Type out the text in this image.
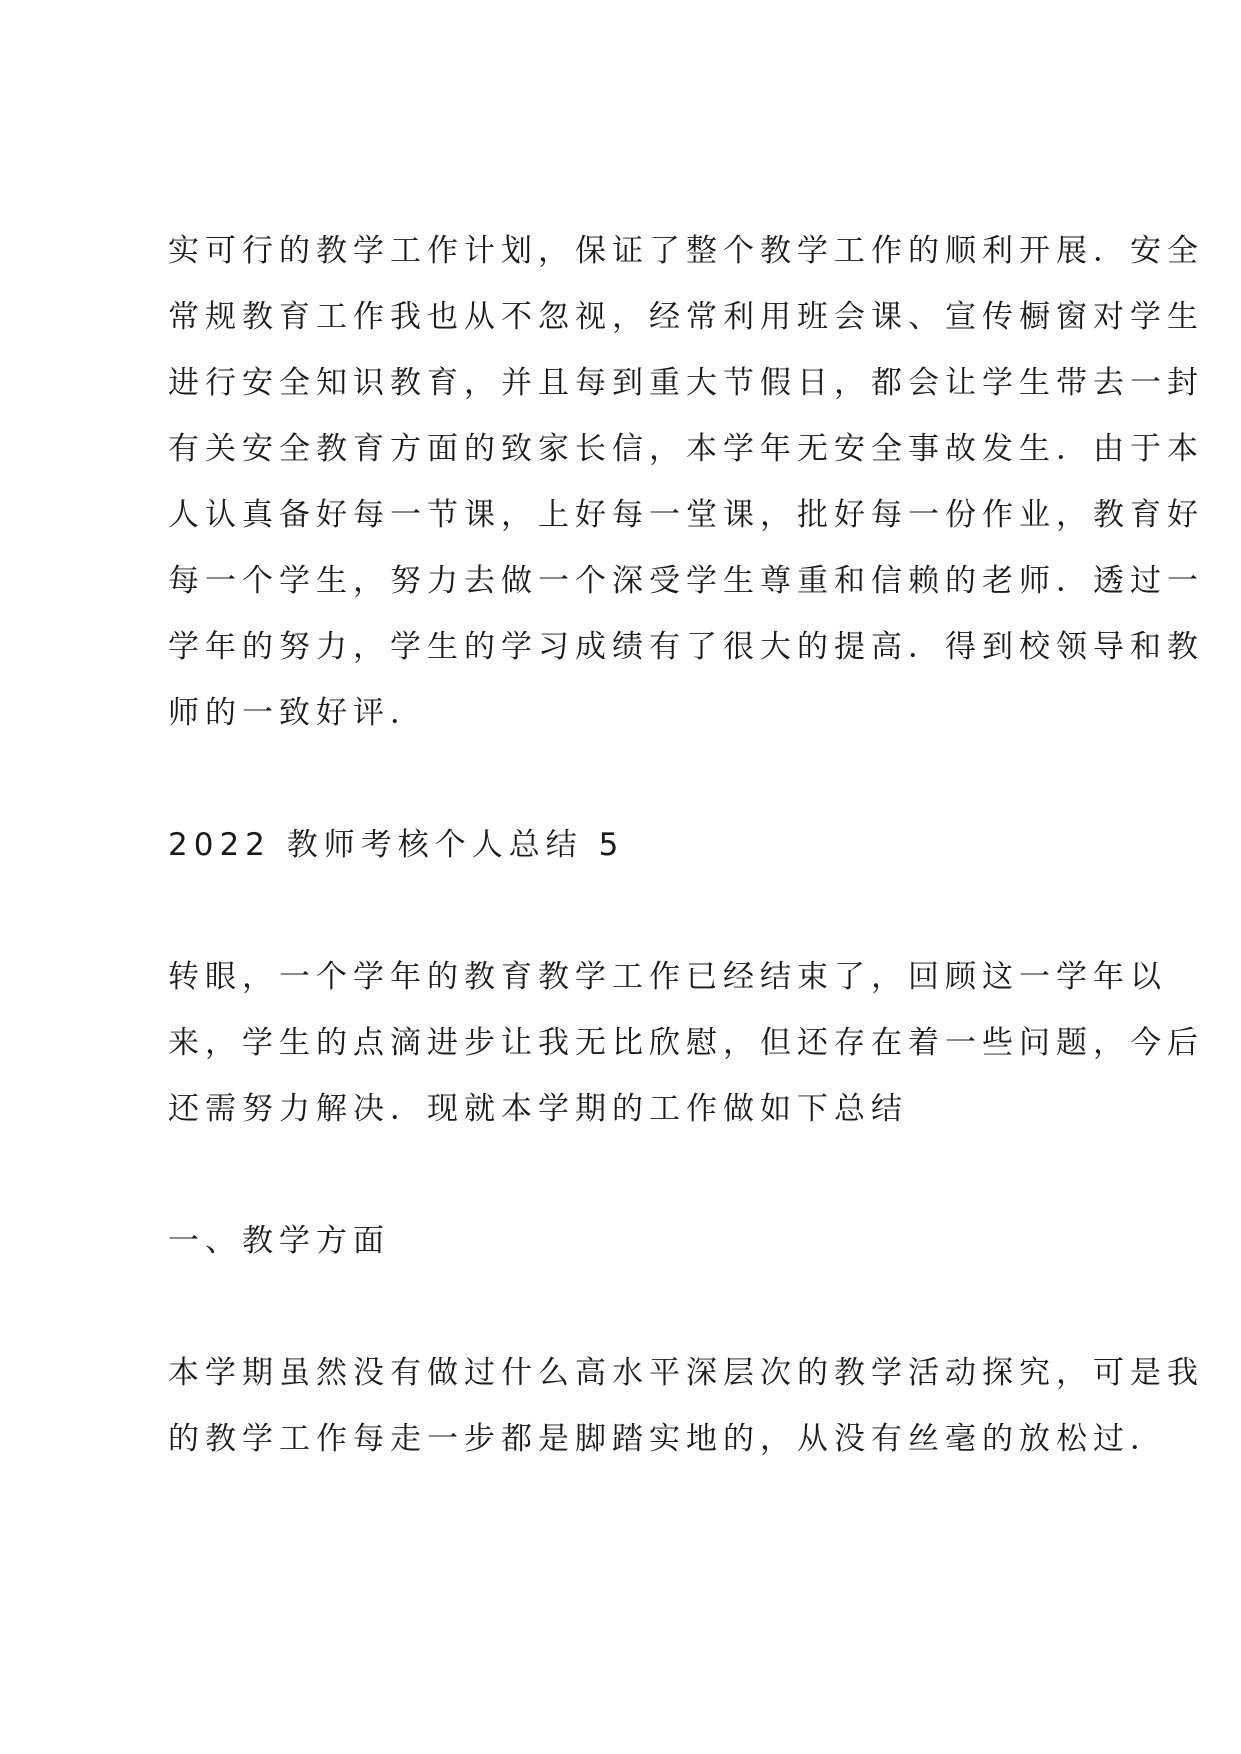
实可行的教学工作计划，保证了整个教学工作的顺利开展．安全
常规教育工作我也从不忽视，经常利用班会课、宣传橱窗对学生
进行安全知识教育，并且每到重大节假日，都会让学生带去一封
有关安全教育方面的致家长信，本学年无安全事故发生．由于本
人认真备好每一节课，上好每一堂课，批好每一份作业，教育好
每一个学生，努力去做一个深受学生尊重和信赖的老师．透过一
学年的努力，学生的学习成绩有了很大的提高．得到校领导和教
师的一致好评．
2022 教师考核个人总结 5
转眼，一个学年的教育教学工作已经结束了，回顾这一学年以
来，学生的点滴进步让我无比欣慰，但还存在着一些问题，今后
还需努力解决．现就本学期的工作做如下总结
一、教学方面
本学期虽然没有做过什么高水平深层次的教学活动探究，可是我
的教学工作每走一步都是脚踏实地的，从没有丝毫的放松过．
